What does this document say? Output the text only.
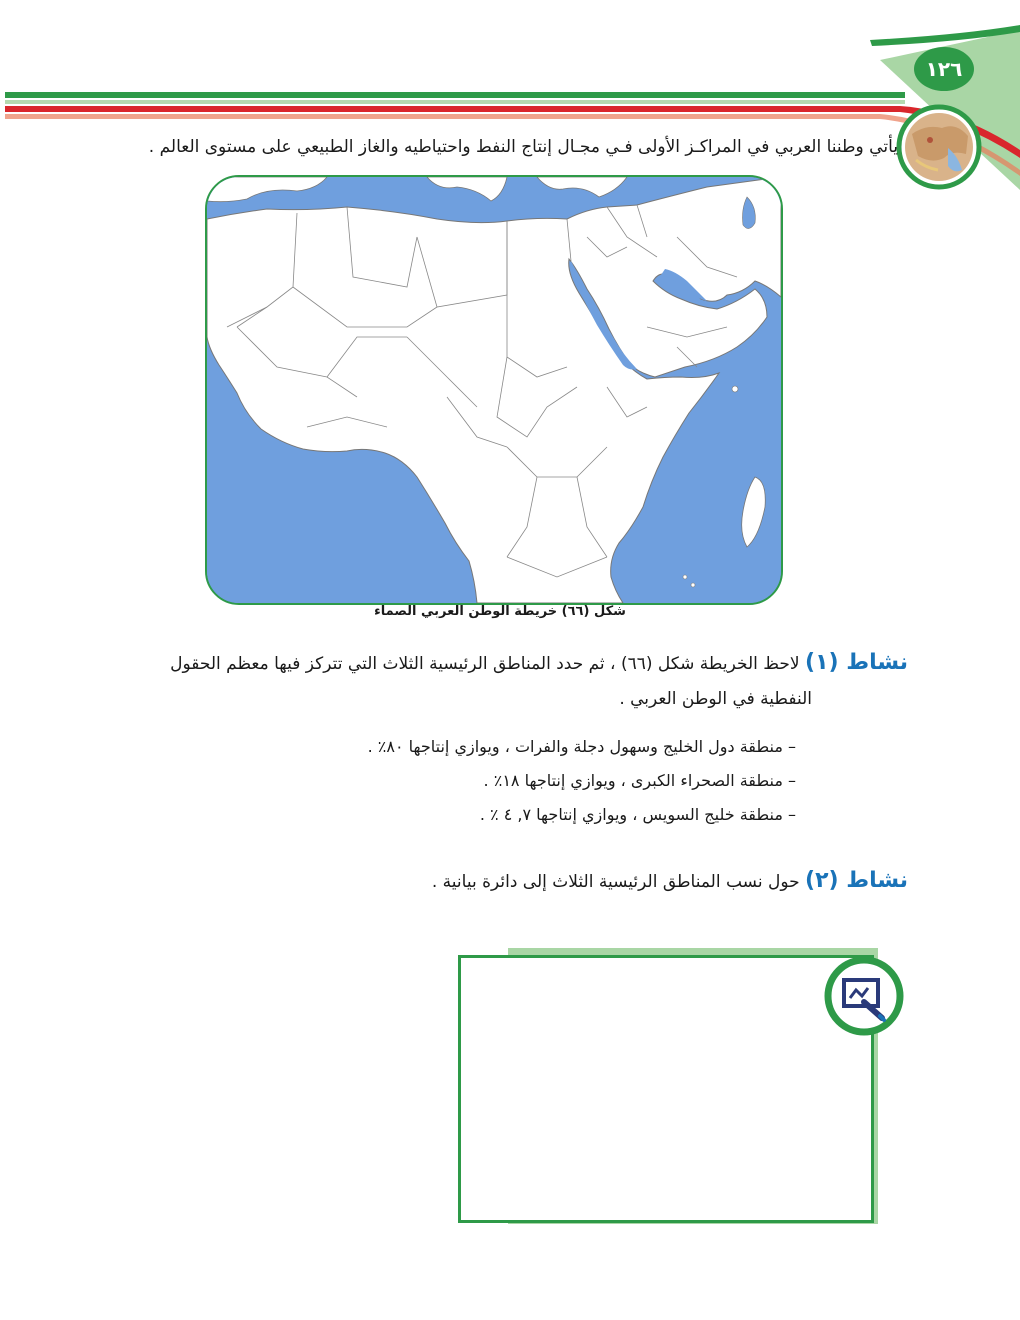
١٢٦
يأتي وطننا العربي في المراكـز الأولى فـي مجـال إنتاج النفط واحتياطيه والغاز الطبيعي على مستوى العالم .
شكل (٦٦) خريطة الوطن العربي الصماء
نشاط (١) لاحظ الخريطة شكل (٦٦) ، ثم حدد المناطق الرئيسية الثلاث التي تتركز فيها معظم الحقول
النفطية في الوطن العربي .
– منطقة دول الخليج وسهول دجلة والفرات ، ويوازي إنتاجها ٨٠٪ .
– منطقة الصحراء الكبرى ، ويوازي إنتاجها ١٨٪ .
– منطقة خليج السويس ، ويوازي إنتاجها ٧, ٤ ٪ .
نشاط (٢) حول نسب المناطق الرئيسية الثلاث إلى دائرة بيانية .
